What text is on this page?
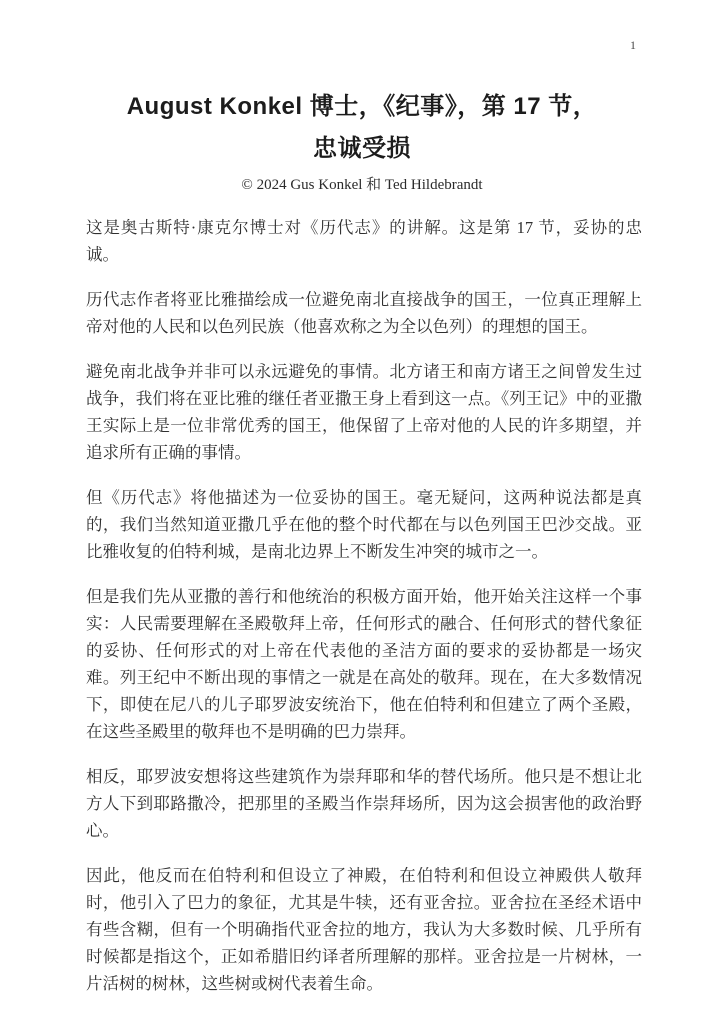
1
August Konkel 博士，《纪事》，第 17 节，
忠诚受损
© 2024 Gus Konkel 和 Ted Hildebrandt

这是奥古斯特·康克尔博士对《历代志》的讲解。这是第 17 节，妥协的忠诚。

历代志作者将亚比雅描绘成一位避免南北直接战争的国王，一位真正理解上帝对他的人民和以色列民族（他喜欢称之为全以色列）的理想的国王。

避免南北战争并非可以永远避免的事情。北方诸王和南方诸王之间曾发生过战争，我们将在亚比雅的继任者亚撒王身上看到这一点。《列王记》中的亚撒王实际上是一位非常优秀的国王，他保留了上帝对他的人民的许多期望，并追求所有正确的事情。

但《历代志》将他描述为一位妥协的国王。毫无疑问，这两种说法都是真的，我们当然知道亚撒几乎在他的整个时代都在与以色列国王巴沙交战。亚比雅收复的伯特利城，是南北边界上不断发生冲突的城市之一。

但是我们先从亚撒的善行和他统治的积极方面开始，他开始关注这样一个事实：人民需要理解在圣殿敬拜上帝，任何形式的融合、任何形式的替代象征的妥协、任何形式的对上帝在代表他的圣洁方面的要求的妥协都是一场灾难。列王纪中不断出现的事情之一就是在高处的敬拜。现在，在大多数情况下，即使在尼八的儿子耶罗波安统治下，他在伯特利和但建立了两个圣殿，在这些圣殿里的敬拜也不是明确的巴力崇拜。

相反，耶罗波安想将这些建筑作为崇拜耶和华的替代场所。他只是不想让北方人下到耶路撒冷，把那里的圣殿当作崇拜场所，因为这会损害他的政治野心。

因此，他反而在伯特利和但设立了神殿，在伯特利和但设立神殿供人敬拜时，他引入了巴力的象征，尤其是牛犊，还有亚舍拉。亚舍拉在圣经术语中有些含糊，但有一个明确指代亚舍拉的地方，我认为大多数时候、几乎所有时候都是指这个，正如希腊旧约译者所理解的那样。亚舍拉是一片树林，一片活树的树林，这些树或树代表着生命。
